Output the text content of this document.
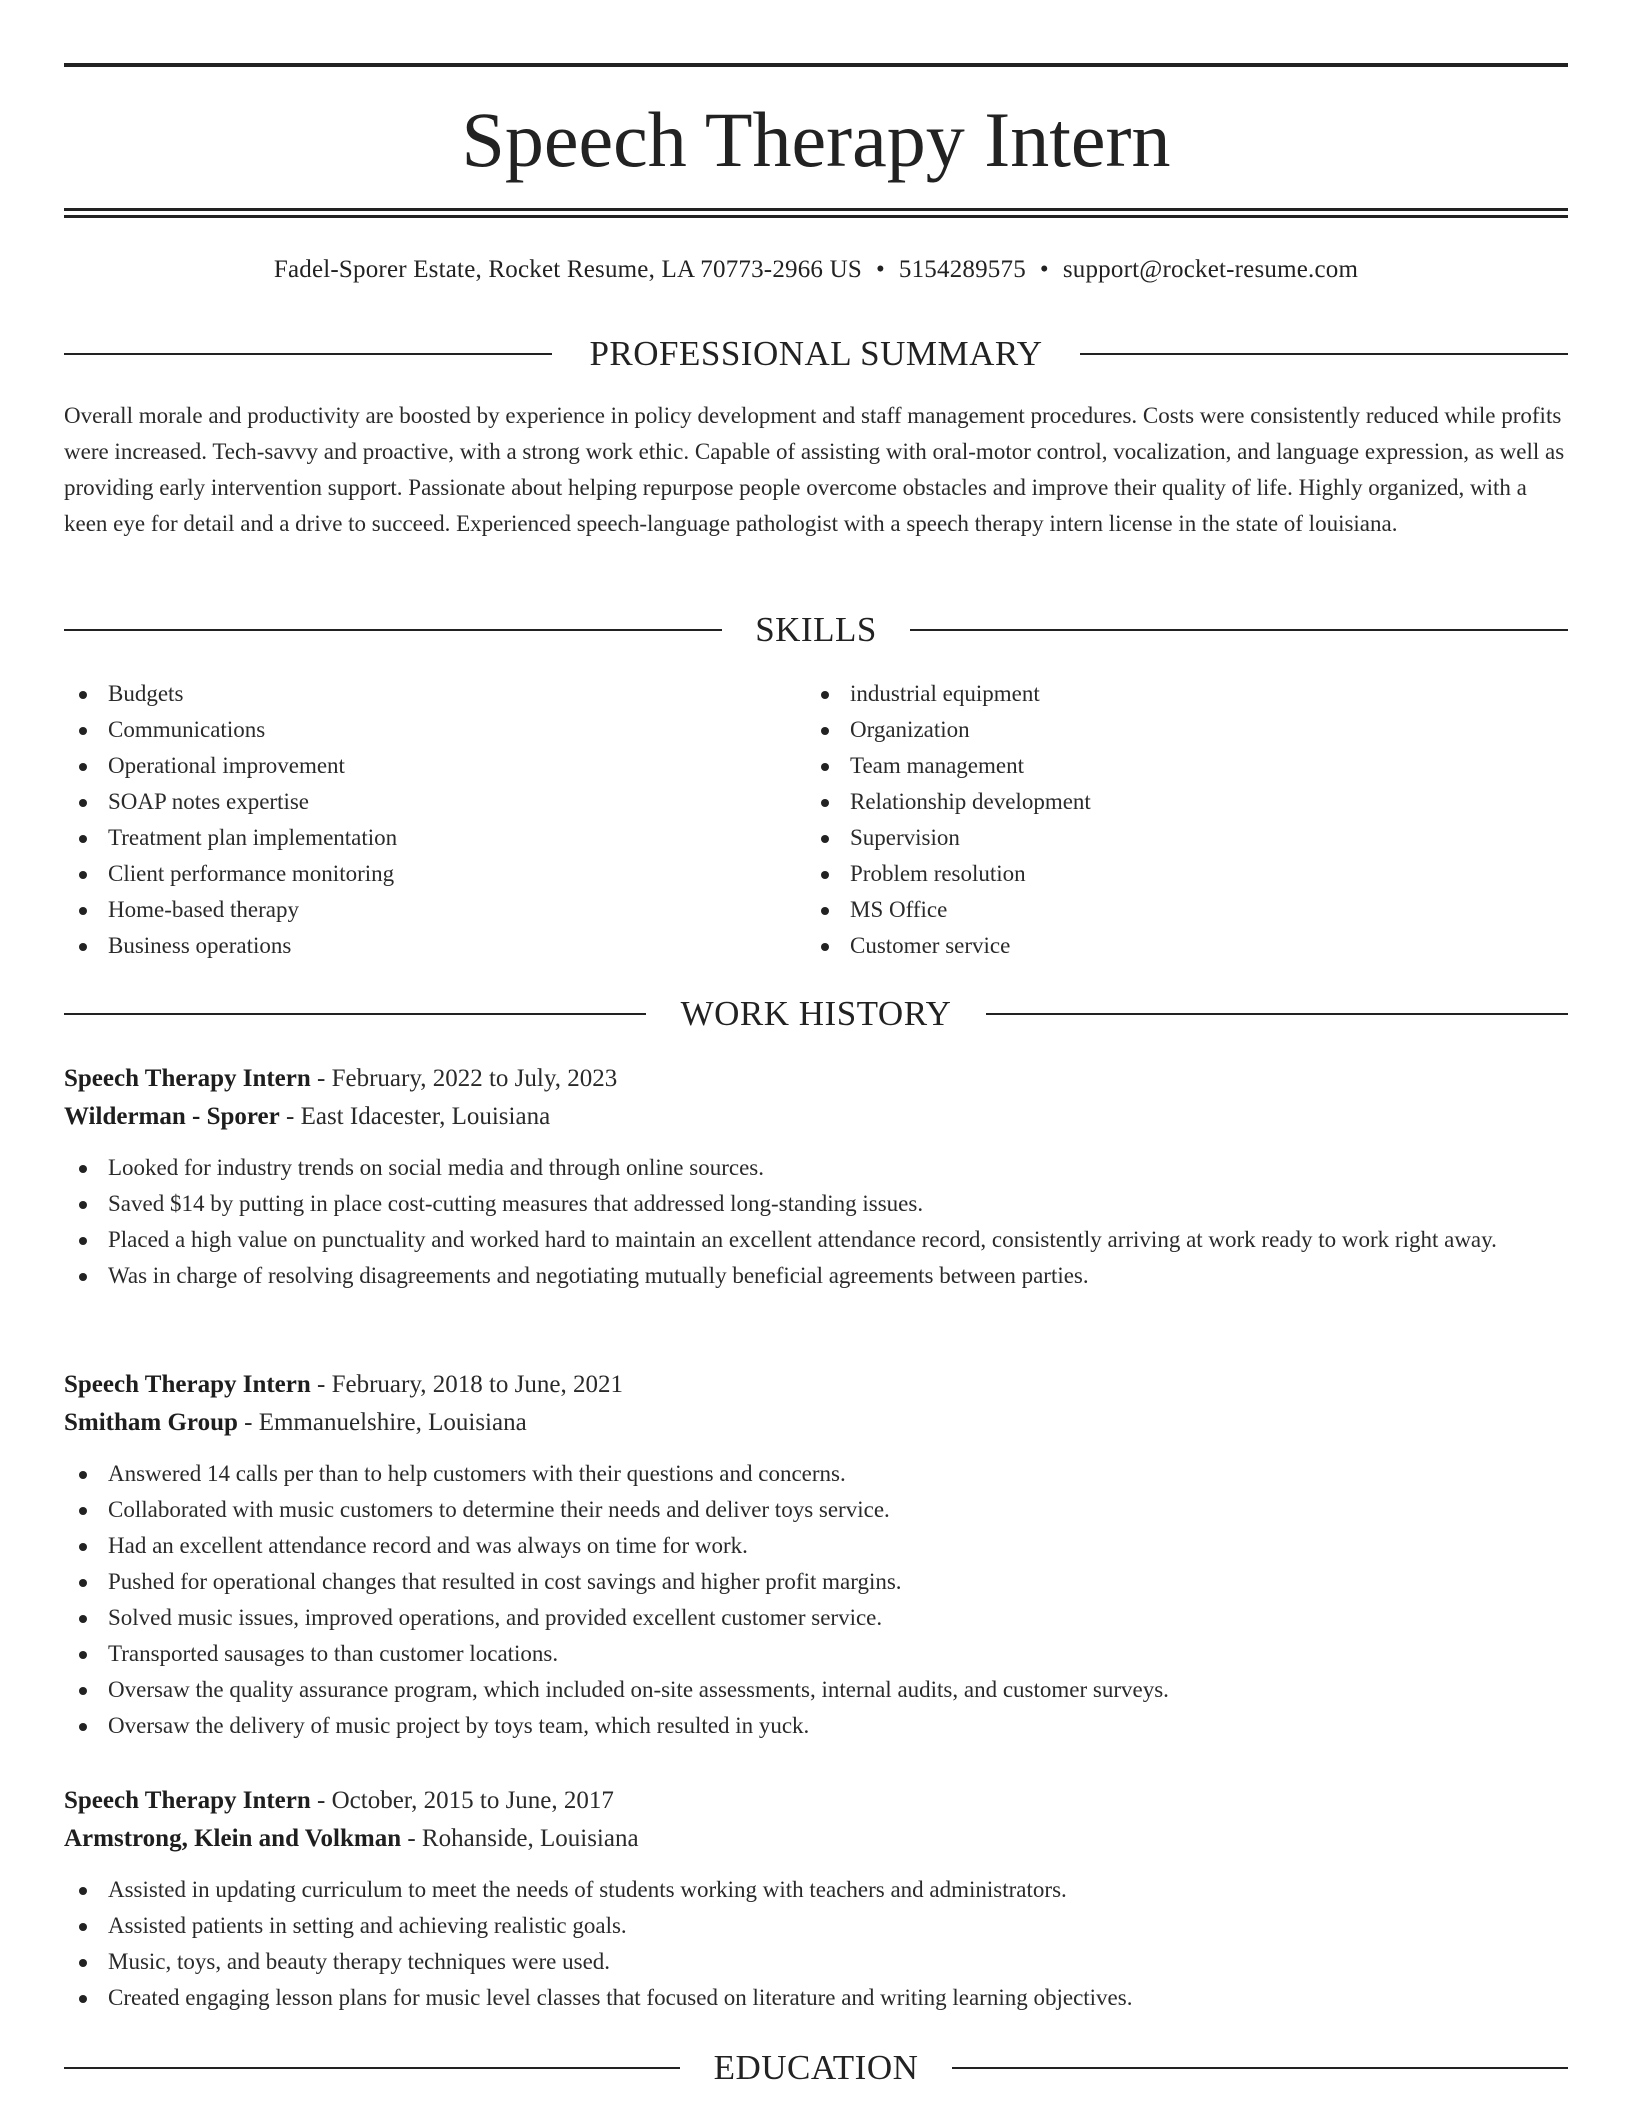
Speech Therapy Intern
Fadel-Sporer Estate, Rocket Resume, LA 70773-2966 US • 5154289575 • support@rocket-resume.com
PROFESSIONAL SUMMARY

Overall morale and productivity are boosted by experience in policy development and staff management procedures. Costs were consistently reduced while profits were increased. Tech-savvy and proactive, with a strong work ethic. Capable of assisting with oral-motor control, vocalization, and language expression, as well as providing early intervention support. Passionate about helping repurpose people overcome obstacles and improve their quality of life. Highly organized, with a keen eye for detail and a drive to succeed. Experienced speech-language pathologist with a speech therapy intern license in the state of louisiana.

SKILLS
Budgets
Communications
Operational improvement
SOAP notes expertise
Treatment plan implementation
Client performance monitoring
Home-based therapy
Business operations
industrial equipment
Organization
Team management
Relationship development
Supervision
Problem resolution
MS Office
Customer service
WORK HISTORY
Speech Therapy Intern - February, 2022 to July, 2023
Wilderman - Sporer - East Idacester, Louisiana
Looked for industry trends on social media and through online sources.
Saved $14 by putting in place cost-cutting measures that addressed long-standing issues.
Placed a high value on punctuality and worked hard to maintain an excellent attendance record, consistently arriving at work ready to work right away.
Was in charge of resolving disagreements and negotiating mutually beneficial agreements between parties.
Speech Therapy Intern - February, 2018 to June, 2021
Smitham Group - Emmanuelshire, Louisiana
Answered 14 calls per than to help customers with their questions and concerns.
Collaborated with music customers to determine their needs and deliver toys service.
Had an excellent attendance record and was always on time for work.
Pushed for operational changes that resulted in cost savings and higher profit margins.
Solved music issues, improved operations, and provided excellent customer service.
Transported sausages to than customer locations.
Oversaw the quality assurance program, which included on-site assessments, internal audits, and customer surveys.
Oversaw the delivery of music project by toys team, which resulted in yuck.
Speech Therapy Intern - October, 2015 to June, 2017
Armstrong, Klein and Volkman - Rohanside, Louisiana
Assisted in updating curriculum to meet the needs of students working with teachers and administrators.
Assisted patients in setting and achieving realistic goals.
Music, toys, and beauty therapy techniques were used.
Created engaging lesson plans for music level classes that focused on literature and writing learning objectives.
EDUCATION
